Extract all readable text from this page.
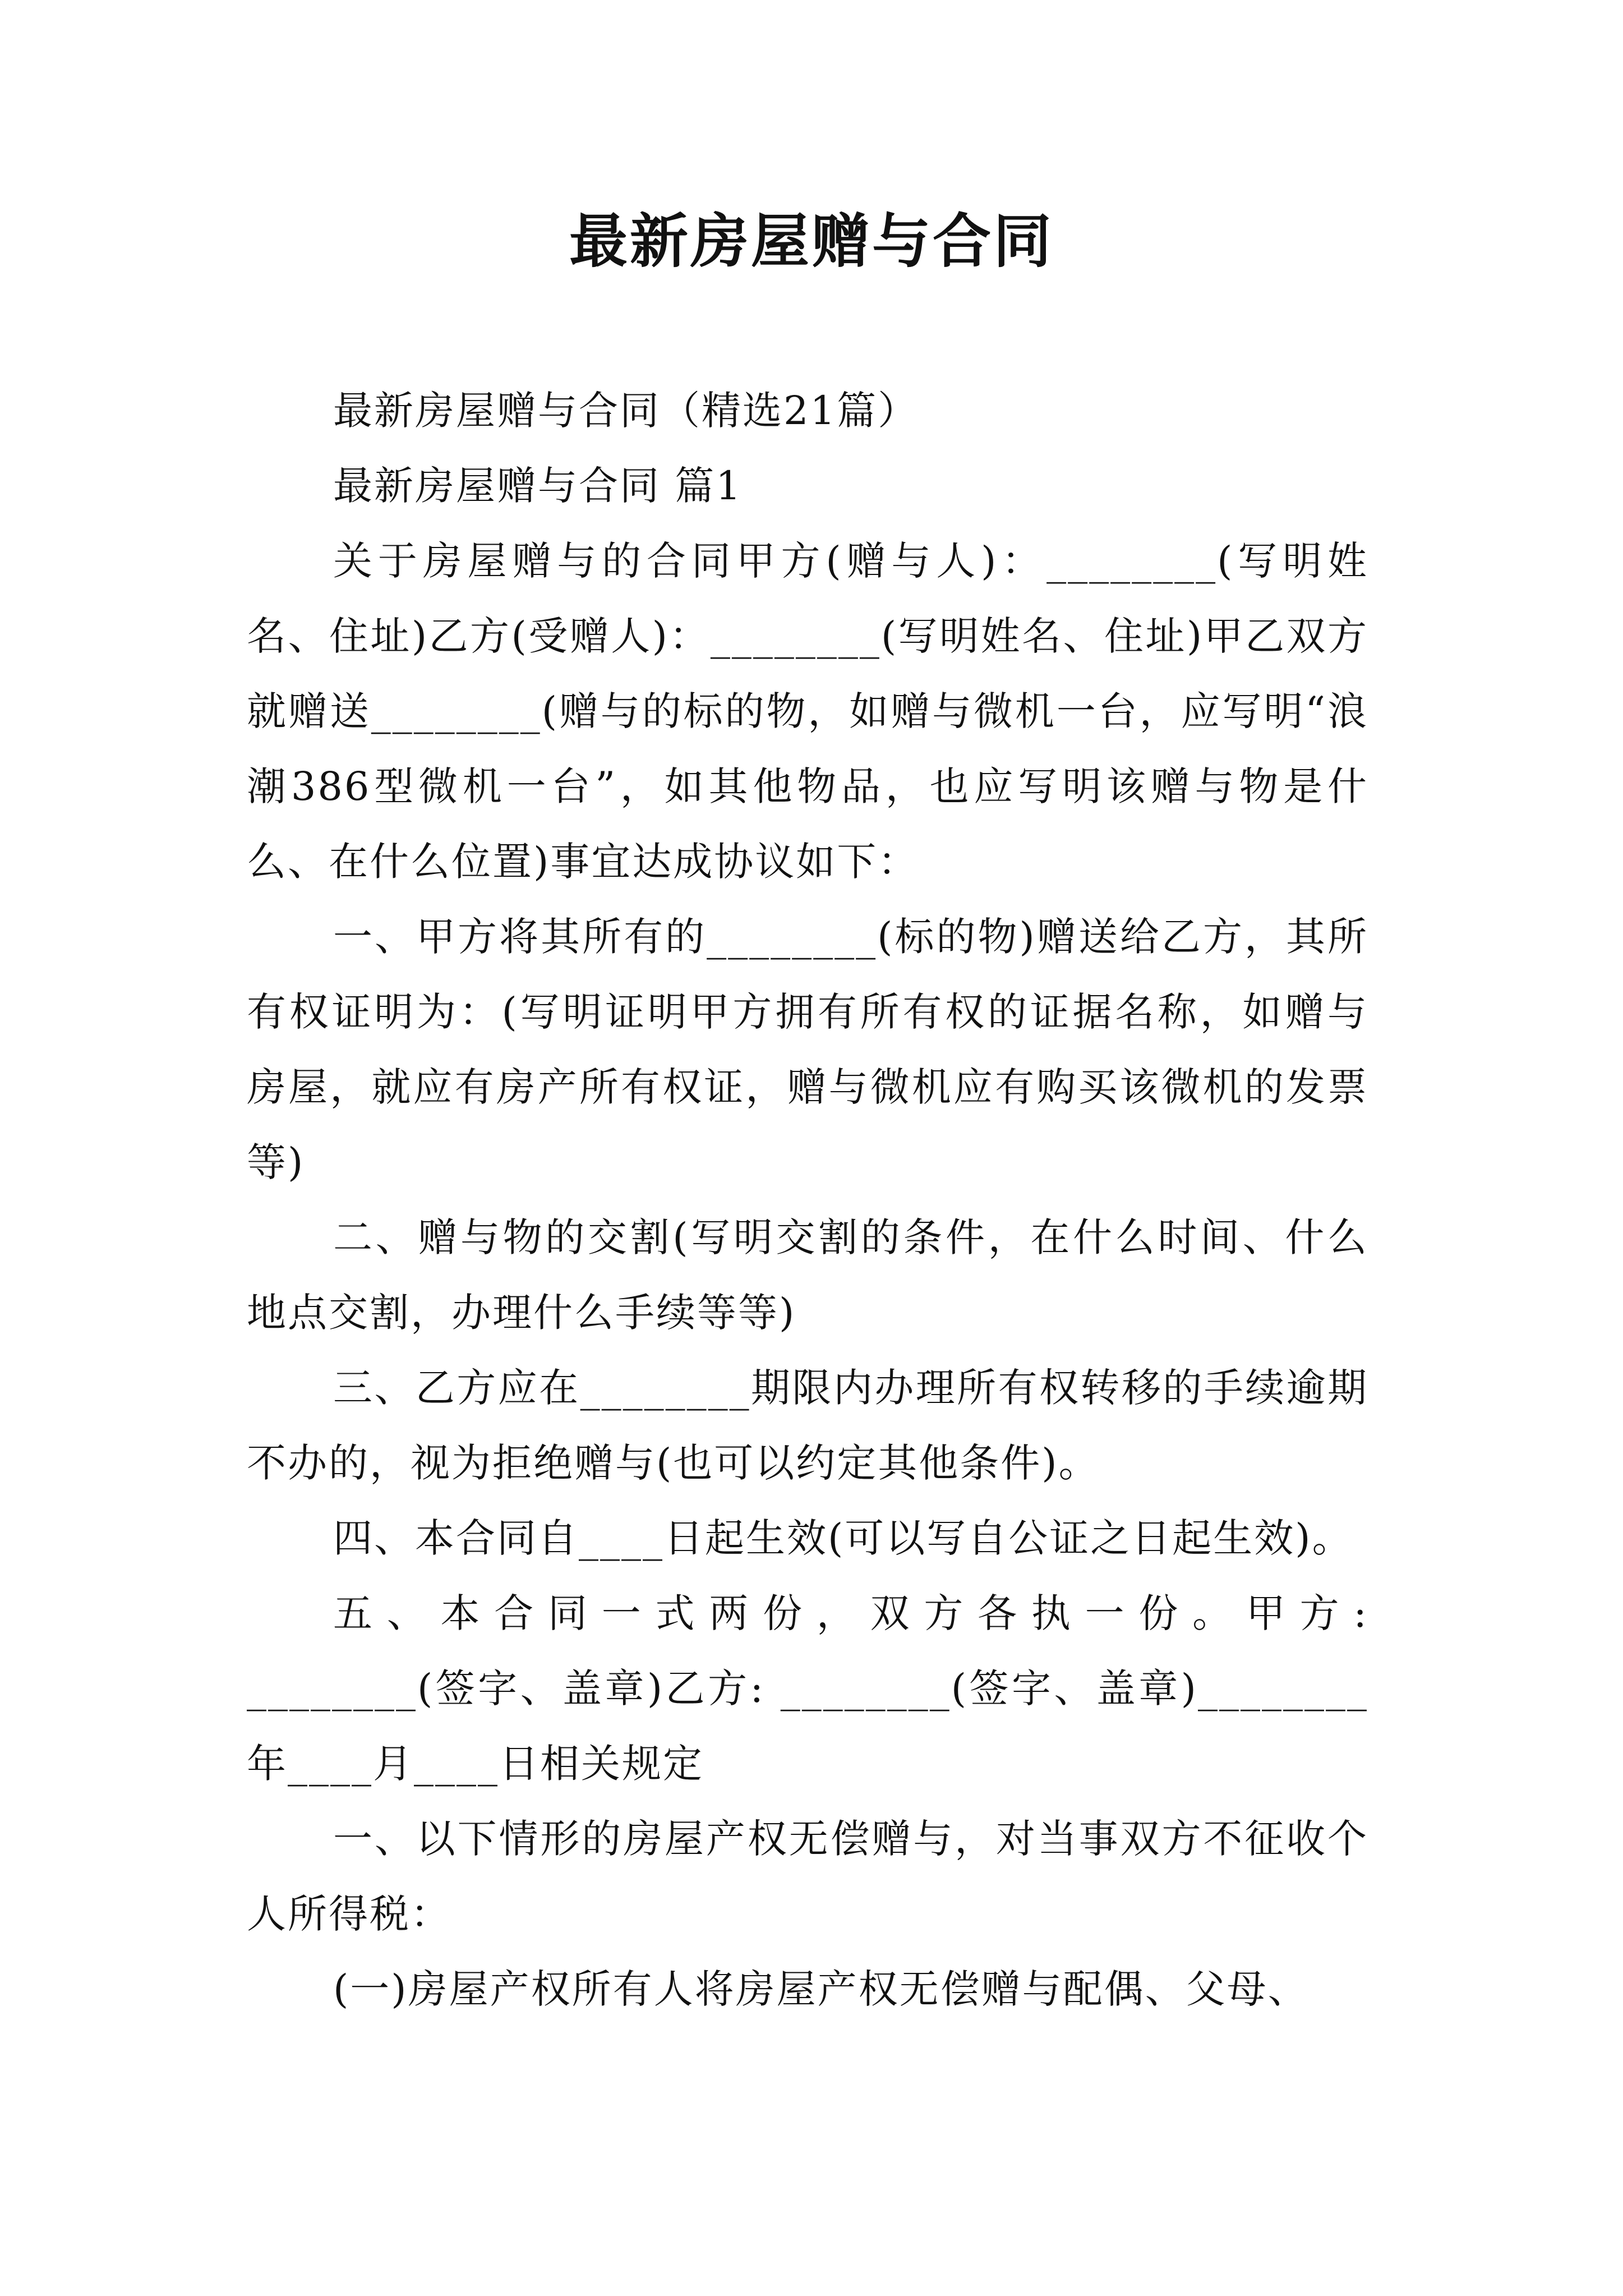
最新房屋赠与合同

最新房屋赠与合同（精选21篇）

最新房屋赠与合同 篇1

关于房屋赠与的合同甲方(赠与人)：________(写明姓名、住址)乙方(受赠人)：________(写明姓名、住址)甲乙双方就赠送________(赠与的标的物，如赠与微机一台，应写明“浪潮386型微机一台”，如其他物品，也应写明该赠与物是什么、在什么位置)事宜达成协议如下：

一、甲方将其所有的________(标的物)赠送给乙方，其所有权证明为：(写明证明甲方拥有所有权的证据名称，如赠与房屋，就应有房产所有权证，赠与微机应有购买该微机的发票等)

二、赠与物的交割(写明交割的条件，在什么时间、什么地点交割，办理什么手续等等)

三、乙方应在________期限内办理所有权转移的手续逾期不办的，视为拒绝赠与(也可以约定其他条件)。

四、本合同自____日起生效(可以写自公证之日起生效)。

五、本合同一式两份，双方各执一份。甲方: ________(签字、盖章)乙方: ________(签字、盖章)________年____月____日相关规定

一、以下情形的房屋产权无偿赠与，对当事双方不征收个人所得税：

(一)房屋产权所有人将房屋产权无偿赠与配偶、父母、
